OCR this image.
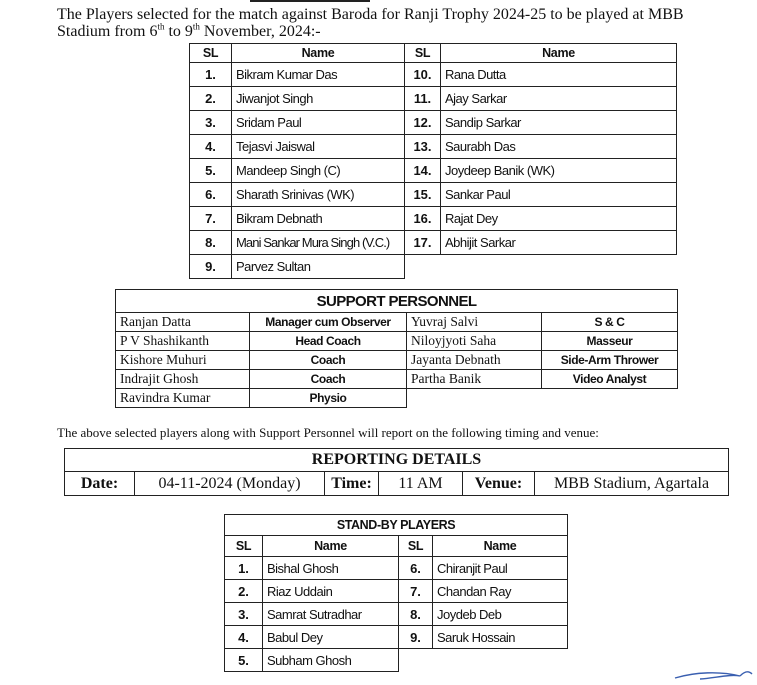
The Players selected for the match against Baroda for Ranji Trophy 2024-25 to be played at MBB
Stadium from 6th to 9th November, 2024:-
SL	Name	SL	Name
1.	Bikram Kumar Das	10.	Rana Dutta
2.	Jiwanjot Singh	11.	Ajay Sarkar
3.	Sridam Paul	12.	Sandip Sarkar
4.	Tejasvi Jaiswal	13.	Saurabh Das
5.	Mandeep Singh (C)	14.	Joydeep Banik (WK)
6.	Sharath Srinivas (WK)	15.	Sankar Paul
7.	Bikram Debnath	16.	Rajat Dey
8.	Mani Sankar Mura Singh (V.C.)	17.	Abhijit Sarkar
9.	Parvez Sultan		
SUPPORT PERSONNEL			
Ranjan Datta	Manager cum Observer	Yuvraj Salvi	S & C
P V Shashikanth	Head Coach	Niloyjyoti Saha	Masseur
Kishore Muhuri	Coach	Jayanta Debnath	Side-Arm Thrower
Indrajit Ghosh	Coach	Partha Banik	Video Analyst
Ravindra Kumar	Physio		
The above selected players along with Support Personnel will report on the following timing and venue:
REPORTING DETAILS
Date:	04-11-2024 (Monday)	Time:	11 AM	Venue:	MBB Stadium, Agartala
STAND-BY PLAYERS			
SL	Name	SL	Name
1.	Bishal Ghosh	6.	Chiranjit Paul
2.	Riaz Uddain	7.	Chandan Ray
3.	Samrat Sutradhar	8.	Joydeb Deb
4.	Babul Dey	9.	Saruk Hossain
5.	Subham Ghosh		
